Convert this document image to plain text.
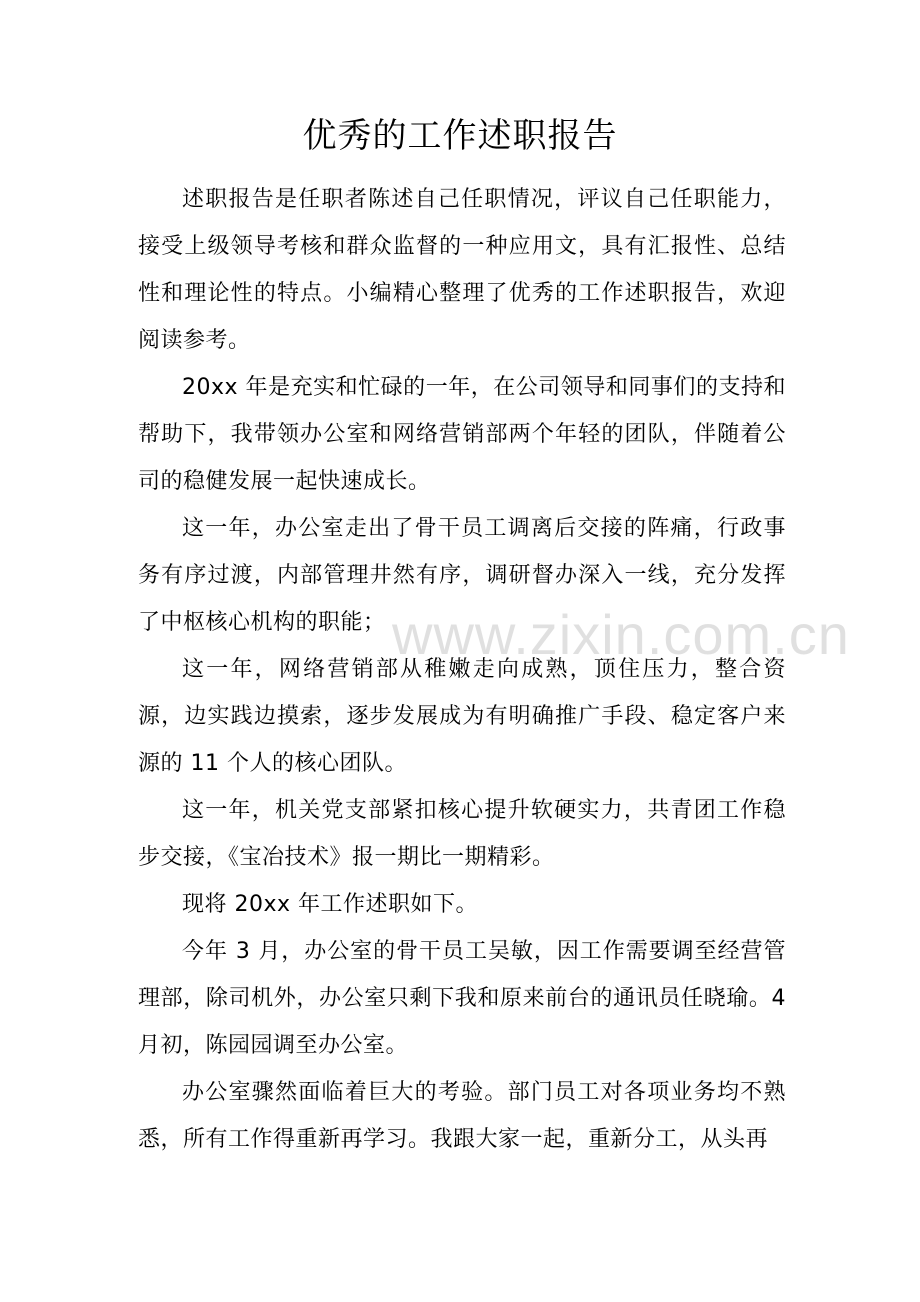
优秀的工作述职报告

述职报告是任职者陈述自己任职情况，评议自己任职能力，接受上级领导考核和群众监督的一种应用文，具有汇报性、总结性和理论性的特点。小编精心整理了优秀的工作述职报告，欢迎阅读参考。

20xx 年是充实和忙碌的一年，在公司领导和同事们的支持和帮助下，我带领办公室和网络营销部两个年轻的团队，伴随着公司的稳健发展一起快速成长。

这一年，办公室走出了骨干员工调离后交接的阵痛，行政事务有序过渡，内部管理井然有序，调研督办深入一线，充分发挥了中枢核心机构的职能；

这一年，网络营销部从稚嫩走向成熟，顶住压力，整合资源，边实践边摸索，逐步发展成为有明确推广手段、稳定客户来源的 11 个人的核心团队。

这一年，机关党支部紧扣核心提升软硬实力，共青团工作稳步交接，《宝冶技术》报一期比一期精彩。

现将 20xx 年工作述职如下。

今年 3 月，办公室的骨干员工吴敏，因工作需要调至经营管理部，除司机外，办公室只剩下我和原来前台的通讯员任晓瑜。4 月初，陈园园调至办公室。

办公室骤然面临着巨大的考验。部门员工对各项业务均不熟悉，所有工作得重新再学习。我跟大家一起，重新分工，从头再

www.zixin.com.cn
